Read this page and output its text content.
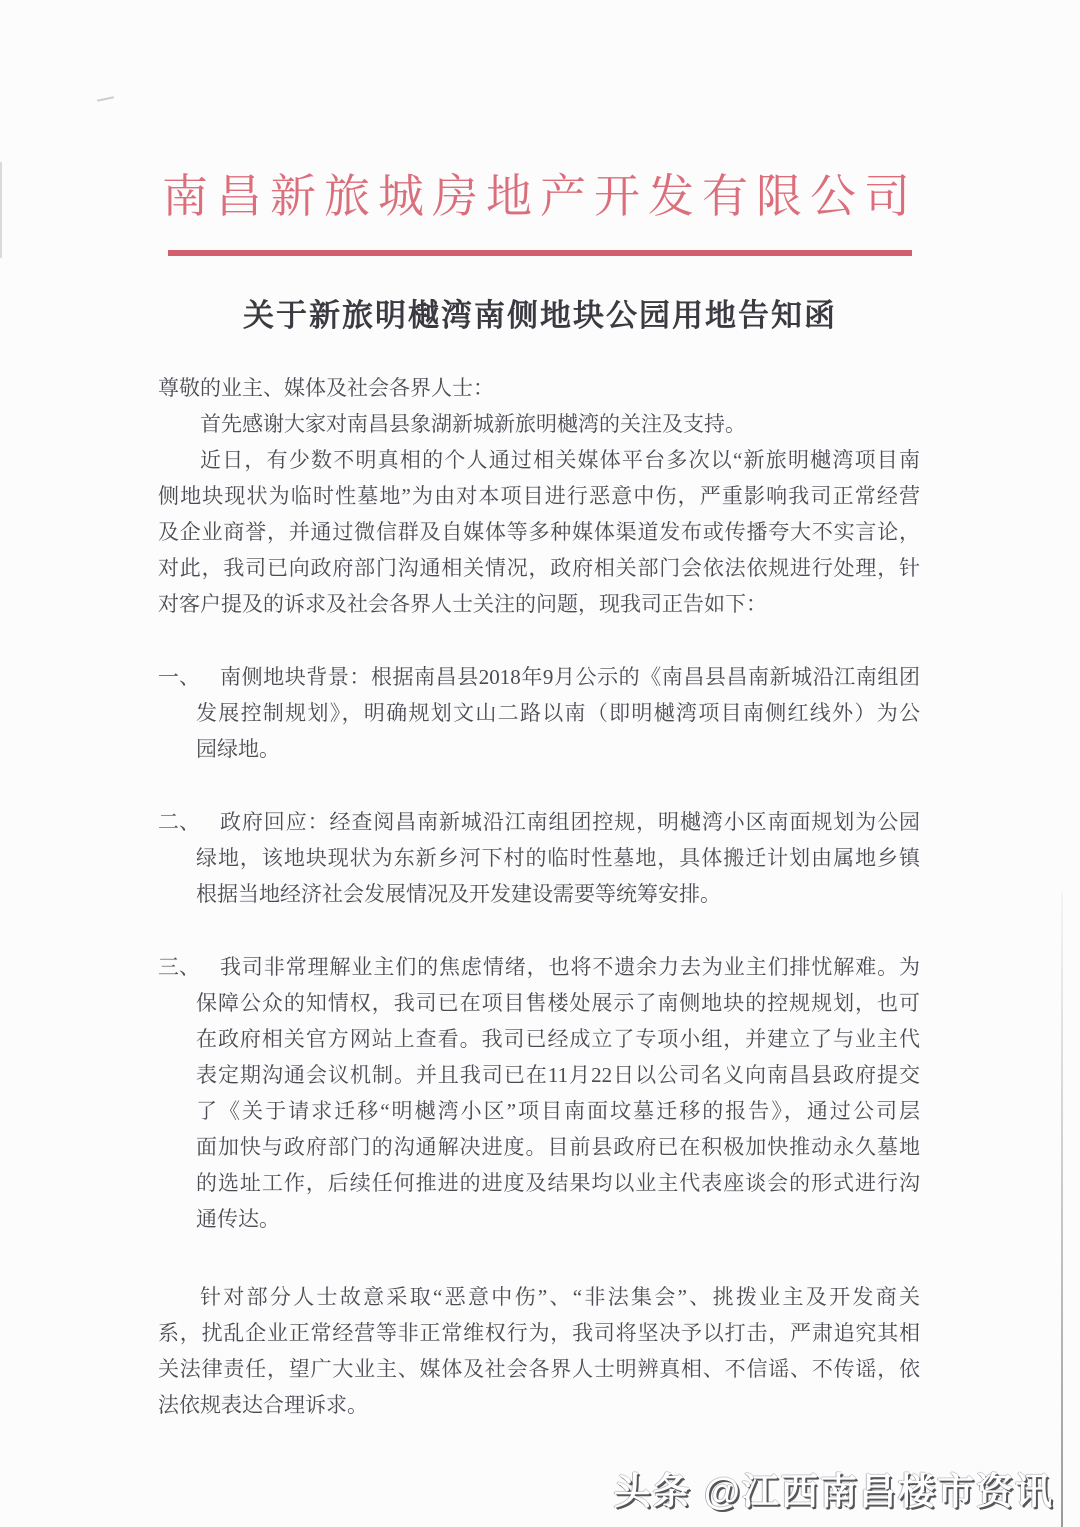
南昌新旅城房地产开发有限公司
关于新旅明樾湾南侧地块公园用地告知函
尊敬的业主、媒体及社会各界人士：
首先感谢大家对南昌县象湖新城新旅明樾湾的关注及支持。
近日，有少数不明真相的个人通过相关媒体平台多次以“新旅明樾湾项目南
侧地块现状为临时性墓地”为由对本项目进行恶意中伤，严重影响我司正常经营
及企业商誉，并通过微信群及自媒体等多种媒体渠道发布或传播夸大不实言论，
对此，我司已向政府部门沟通相关情况，政府相关部门会依法依规进行处理，针
对客户提及的诉求及社会各界人士关注的问题，现我司正告如下：
一、 南侧地块背景：根据南昌县2018年9月公示的《南昌县昌南新城沿江南组团
发展控制规划》，明确规划文山二路以南（即明樾湾项目南侧红线外）为公
园绿地。
二、 政府回应：经查阅昌南新城沿江南组团控规，明樾湾小区南面规划为公园
绿地，该地块现状为东新乡河下村的临时性墓地，具体搬迁计划由属地乡镇
根据当地经济社会发展情况及开发建设需要等统筹安排。
三、 我司非常理解业主们的焦虑情绪，也将不遗余力去为业主们排忧解难。为
保障公众的知情权，我司已在项目售楼处展示了南侧地块的控规规划，也可
在政府相关官方网站上查看。我司已经成立了专项小组，并建立了与业主代
表定期沟通会议机制。并且我司已在11月22日以公司名义向南昌县政府提交
了《关于请求迁移“明樾湾小区”项目南面坟墓迁移的报告》，通过公司层
面加快与政府部门的沟通解决进度。目前县政府已在积极加快推动永久墓地
的选址工作，后续任何推进的进度及结果均以业主代表座谈会的形式进行沟
通传达。
针对部分人士故意采取“恶意中伤”、“非法集会”、挑拨业主及开发商关
系，扰乱企业正常经营等非正常维权行为，我司将坚决予以打击，严肃追究其相
关法律责任，望广大业主、媒体及社会各界人士明辨真相、不信谣、不传谣，依
法依规表达合理诉求。
头条 @江西南昌楼市资讯
